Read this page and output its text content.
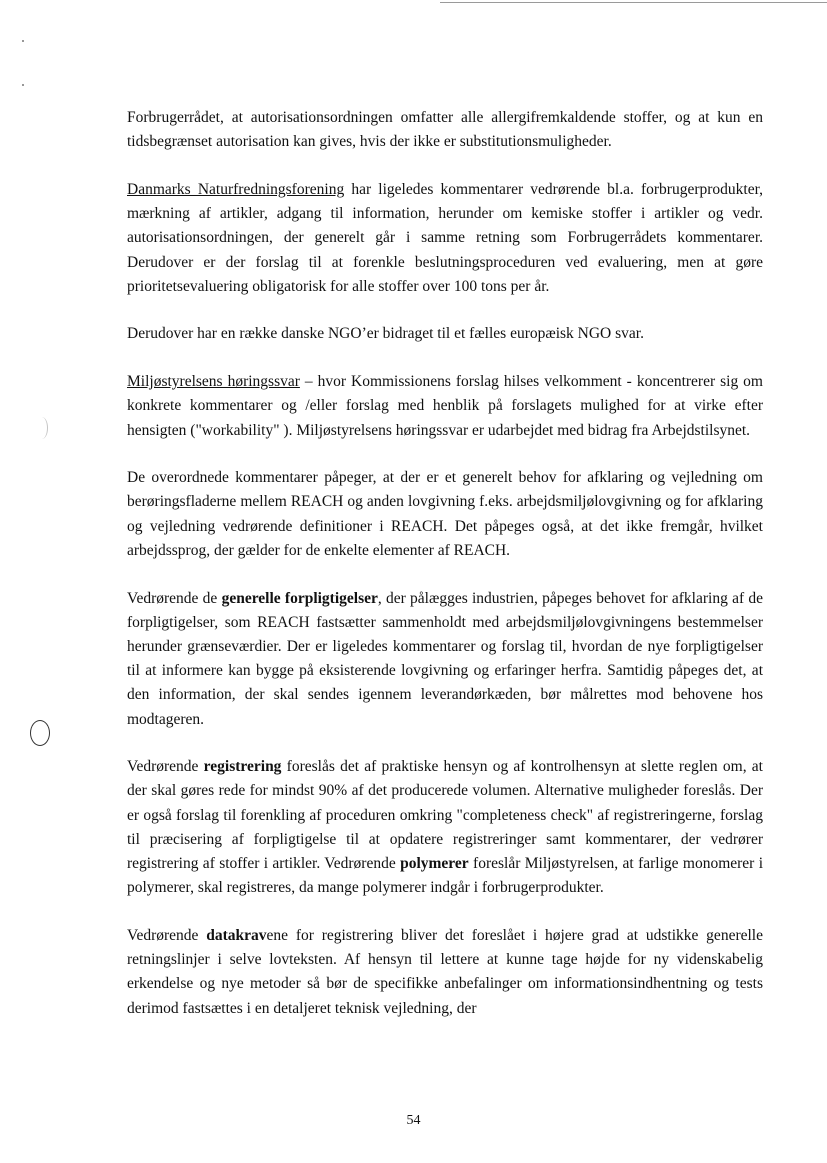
Forbrugerrådet, at autorisationsordningen omfatter alle allergifremkaldende stoffer, og at kun en tidsbegrænset autorisation kan gives, hvis der ikke er substitutionsmuligheder.

Danmarks Naturfredningsforening har ligeledes kommentarer vedrørende bl.a. forbrugerprodukter, mærkning af artikler, adgang til information, herunder om kemiske stoffer i artikler og vedr. autorisationsordningen, der generelt går i samme retning som Forbrugerrådets kommentarer. Derudover er der forslag til at forenkle beslutningsproceduren ved evaluering, men at gøre prioritetsevaluering obligatorisk for alle stoffer over 100 tons per år.

Derudover har en række danske NGO’er bidraget til et fælles europæisk NGO svar.

Miljøstyrelsens høringssvar – hvor Kommissionens forslag hilses velkomment - koncentrerer sig om konkrete kommentarer og /eller forslag med henblik på forslagets mulighed for at virke efter hensigten ("workability" ). Miljøstyrelsens høringssvar er udarbejdet med bidrag fra Arbejdstilsynet.

De overordnede kommentarer påpeger, at der er et generelt behov for afklaring og vejledning om berøringsfladerne mellem REACH og anden lovgivning f.eks. arbejdsmiljølovgivning og for afklaring og vejledning vedrørende definitioner i REACH. Det påpeges også, at det ikke fremgår, hvilket arbejdssprog, der gælder for de enkelte elementer af REACH.

Vedrørende de generelle forpligtigelser, der pålægges industrien, påpeges behovet for afklaring af de forpligtigelser, som REACH fastsætter sammenholdt med arbejdsmiljølovgivningens bestemmelser herunder grænseværdier. Der er ligeledes kommentarer og forslag til, hvordan de nye forpligtigelser til at informere kan bygge på eksisterende lovgivning og erfaringer herfra. Samtidig påpeges det, at den information, der skal sendes igennem leverandørkæden, bør målrettes mod behovene hos modtageren.

Vedrørende registrering foreslås det af praktiske hensyn og af kontrolhensyn at slette reglen om, at der skal gøres rede for mindst 90% af det producerede volumen. Alternative muligheder foreslås. Der er også forslag til forenkling af proceduren omkring "completeness check" af registreringerne, forslag til præcisering af forpligtigelse til at opdatere registreringer samt kommentarer, der vedrører registrering af stoffer i artikler. Vedrørende polymerer foreslår Miljøstyrelsen, at farlige monomerer i polymerer, skal registreres, da mange polymerer indgår i forbrugerprodukter.

Vedrørende datakravene for registrering bliver det foreslået i højere grad at udstikke generelle retningslinjer i selve lovteksten. Af hensyn til lettere at kunne tage højde for ny videnskabelig erkendelse og nye metoder så bør de specifikke anbefalinger om informationsindhentning og tests derimod fastsættes i en detaljeret teknisk vejledning, der

54
